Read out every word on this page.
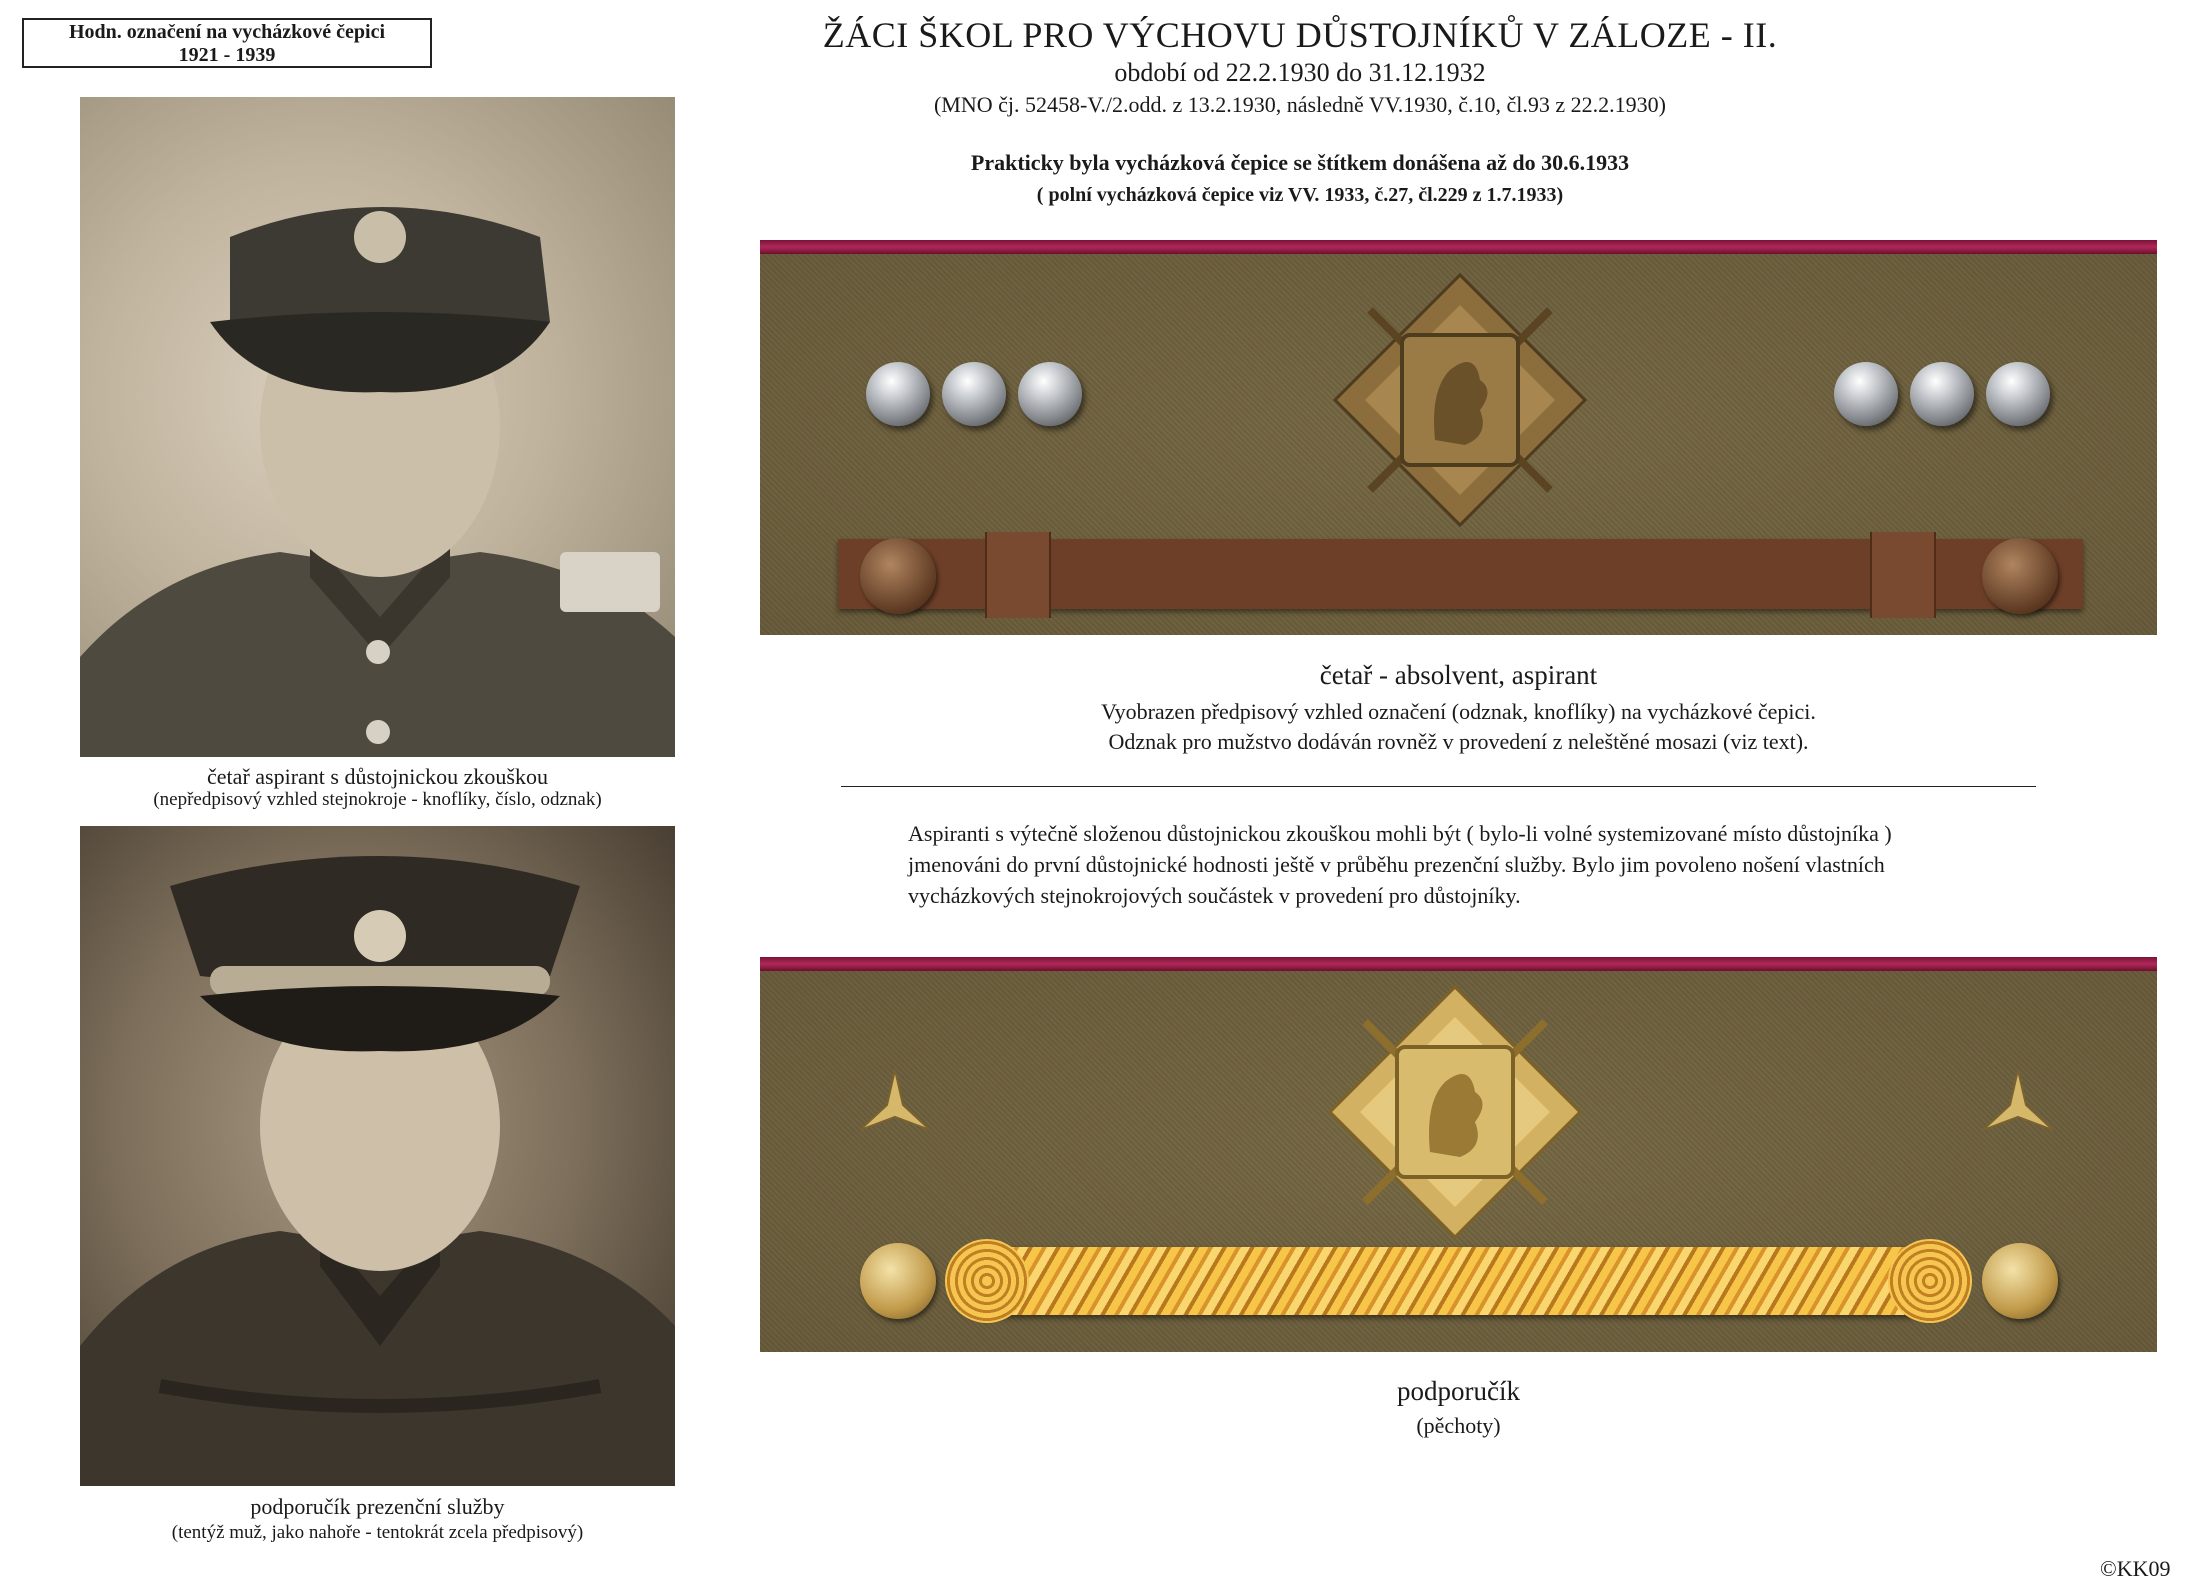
Hodn. označení na vycházkové čepici
1921 - 1939	ŽÁCI ŠKOL PRO VÝCHOVU DŮSTOJNÍKŮ V ZÁLOZE - II.
období od 22.2.1930 do 31.12.1932
(MNO čj. 52458-V./2.odd. z 13.2.1930, následně VV.1930, č.10, čl.93 z 22.2.1930)
Prakticky byla vycházková čepice se štítkem donášena až do 30.6.1933
( polní vycházková čepice viz VV. 1933, č.27, čl.229 z 1.7.1933)
četař aspirant s důstojnickou zkouškou
(nepředpisový vzhled stejnokroje - knoflíky, číslo, odznak)
podporučík prezenční služby
(tentýž muž, jako nahoře - tentokrát zcela předpisový)
četař - absolvent, aspirant
Vyobrazen předpisový vzhled označení (odznak, knoflíky) na vycházkové čepici.
Odznak pro mužstvo dodáván rovněž v provedení z neleštěné mosazi (viz text).
Aspiranti s výtečně složenou důstojnickou zkouškou mohli být ( bylo-li volné systemizované místo důstojníka )
jmenováni do první důstojnické hodnosti ještě v průběhu prezenční služby. Bylo jim povoleno nošení vlastních
vycházkových stejnokrojových součástek v provedení pro důstojníky.
podporučík
(pěchoty)
©KK09
